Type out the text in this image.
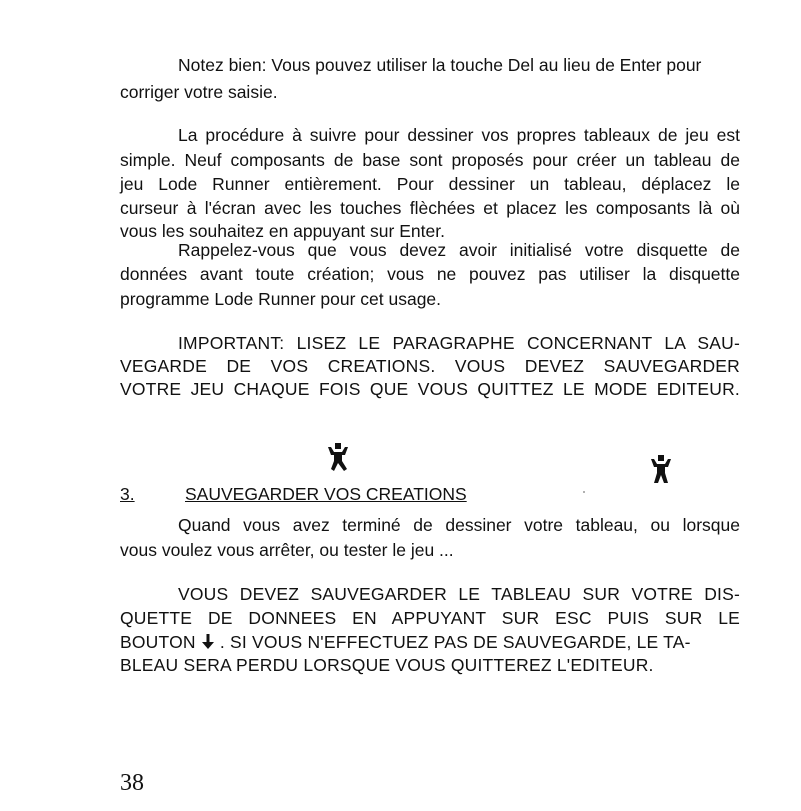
Notez bien: Vous pouvez utiliser la touche Del au lieu de Enter pour
corriger votre saisie.
La procédure à suivre pour dessiner vos propres tableaux de jeu est
simple. Neuf composants de base sont proposés pour créer un tableau de
jeu Lode Runner entièrement. Pour dessiner un tableau, déplacez le
curseur à l'écran avec les touches flèchées et placez les composants là où
vous les souhaitez en appuyant sur Enter.
Rappelez-vous que vous devez avoir initialisé votre disquette de
données avant toute création; vous ne pouvez pas utiliser la disquette
programme Lode Runner pour cet usage.
IMPORTANT: LISEZ LE PARAGRAPHE CONCERNANT LA SAU-
VEGARDE DE VOS CREATIONS. VOUS DEVEZ SAUVEGARDER
VOTRE JEU CHAQUE FOIS QUE VOUS QUITTEZ LE MODE EDITEUR.
3.	SAUVEGARDER VOS CREATIONS
Quand vous avez terminé de dessiner votre tableau, ou lorsque
vous voulez vous arrêter, ou tester le jeu ...
VOUS DEVEZ SAUVEGARDER LE TABLEAU SUR VOTRE DIS-
QUETTE DE DONNEES EN APPUYANT SUR ESC PUIS SUR LE
BOUTON . SI VOUS N'EFFECTUEZ PAS DE SAUVEGARDE, LE TA-
BLEAU SERA PERDU LORSQUE VOUS QUITTEREZ L'EDITEUR.
38
